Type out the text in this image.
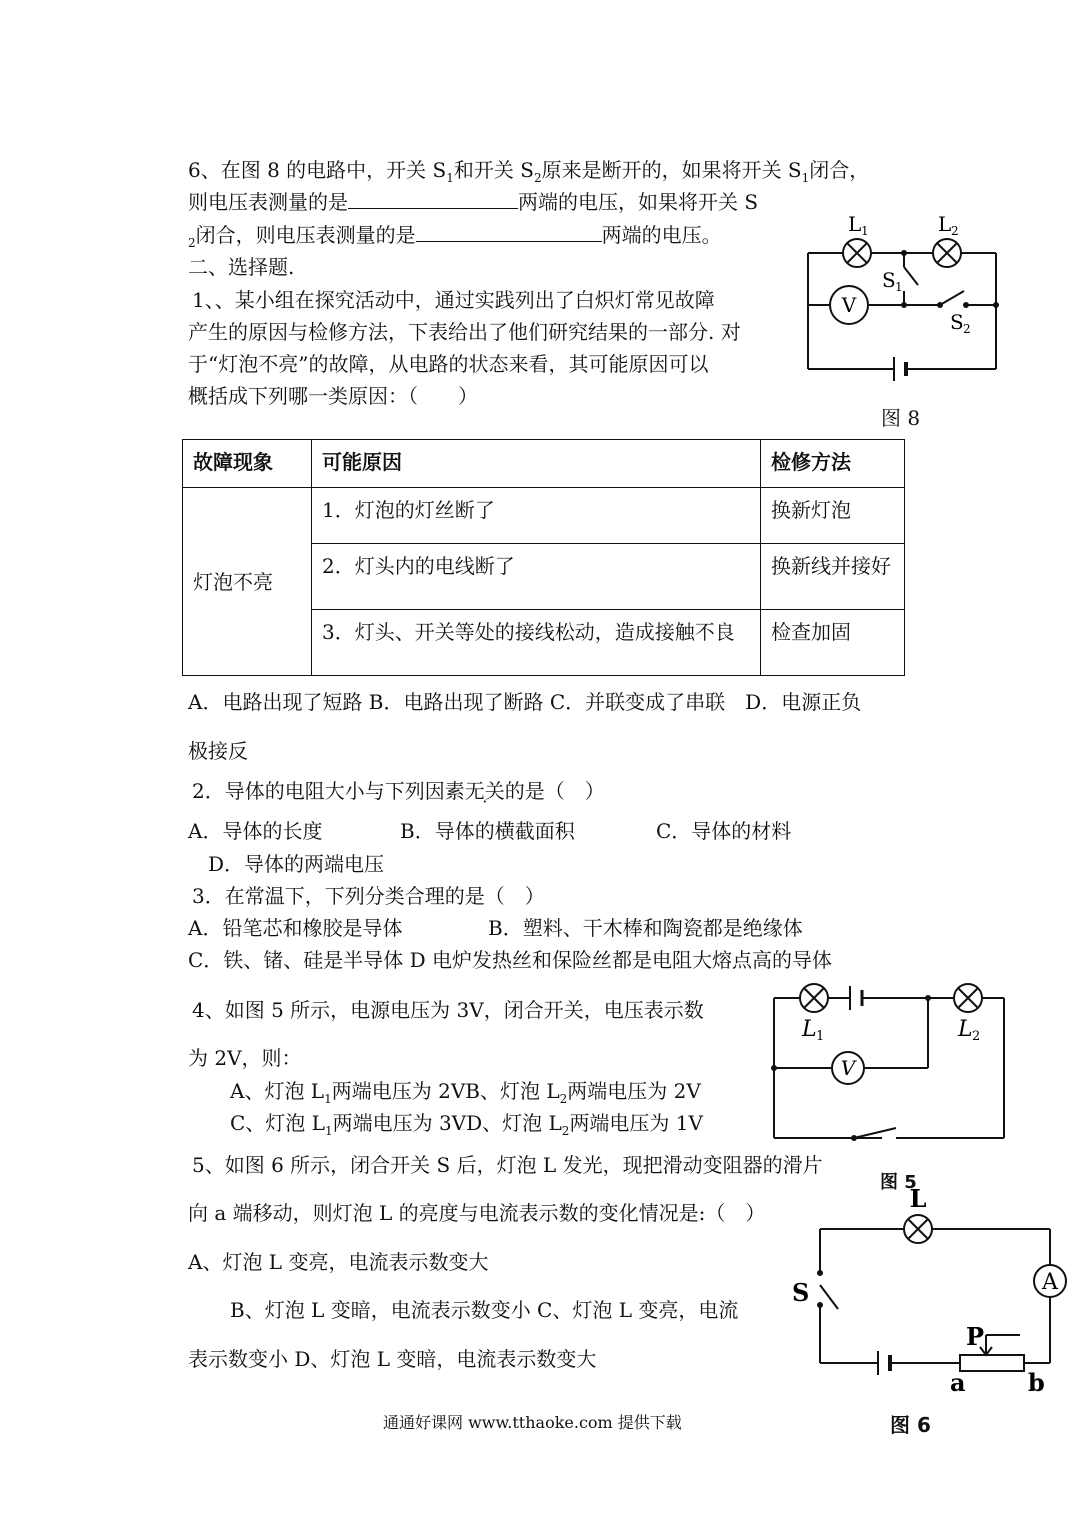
6、在图 8 的电路中，开关 $S_1$和开关 $S_2$原来是断开的，如果将开关 $S_1$闭合，
则电压表测量的是	两端的电压，如果将开关 S
$_2$闭合，则电压表测量的是	两端的电压。
二、选择题.
1、、某小组在探究活动中，通过实践列出了白炽灯常见故障
产生的原因与检修方法，下表给出了他们研究结果的一部分. 对
于“灯泡不亮”的故障，从电路的状态来看，其可能原因可以
概括成下列哪一类原因：（　　）
V
L 1	L 2
S 1
S 2
图 8
故障现象	可能原因	检修方法
灯泡不亮	1．灯泡的灯丝断了	换新灯泡
	2．灯头内的电线断了	换新线并接好
	3．灯头、开关等处的接线松动，造成接触不良	检查加固
A．电路出现了短路 B．电路出现了断路 C．并联变成了串联　D．电源正负
极接反
2．导体的电阻大小与下列因素无关的是（　）
A．导体的长度	B．导体的横截面积	C．导体的材料
D．导体的两端电压
3．在常温下，下列分类合理的是（　）
A．铅笔芯和橡胶是导体	B．塑料、干木棒和陶瓷都是绝缘体
C．铁、锗、硅是半导体 D 电炉发热丝和保险丝都是电阻大熔点高的导体
4、如图 5 所示，电源电压为 3V，闭合开关，电压表示数
为 2V，则：
A、灯泡 $L_1$两端电压为 2VB、灯泡 $L_2$两端电压为 2V
C、灯泡 $L_1$两端电压为 3VD、灯泡 $L_2$两端电压为 1V
V
L 1	L 2
图 5
5、如图 6 所示，闭合开关 S 后，灯泡 L 发光，现把滑动变阻器的滑片
向 a 端移动，则灯泡 L 的亮度与电流表示数的变化情况是:（　）
A、灯泡 L 变亮，电流表示数变大
B、灯泡 L 变暗，电流表示数变小 C、灯泡 L 变亮，电流
表示数变小 D、灯泡 L 变暗，电流表示数变大
L
S	A
P
a	b
图 6
通通好课网 www.tthaoke.com 提供下载
